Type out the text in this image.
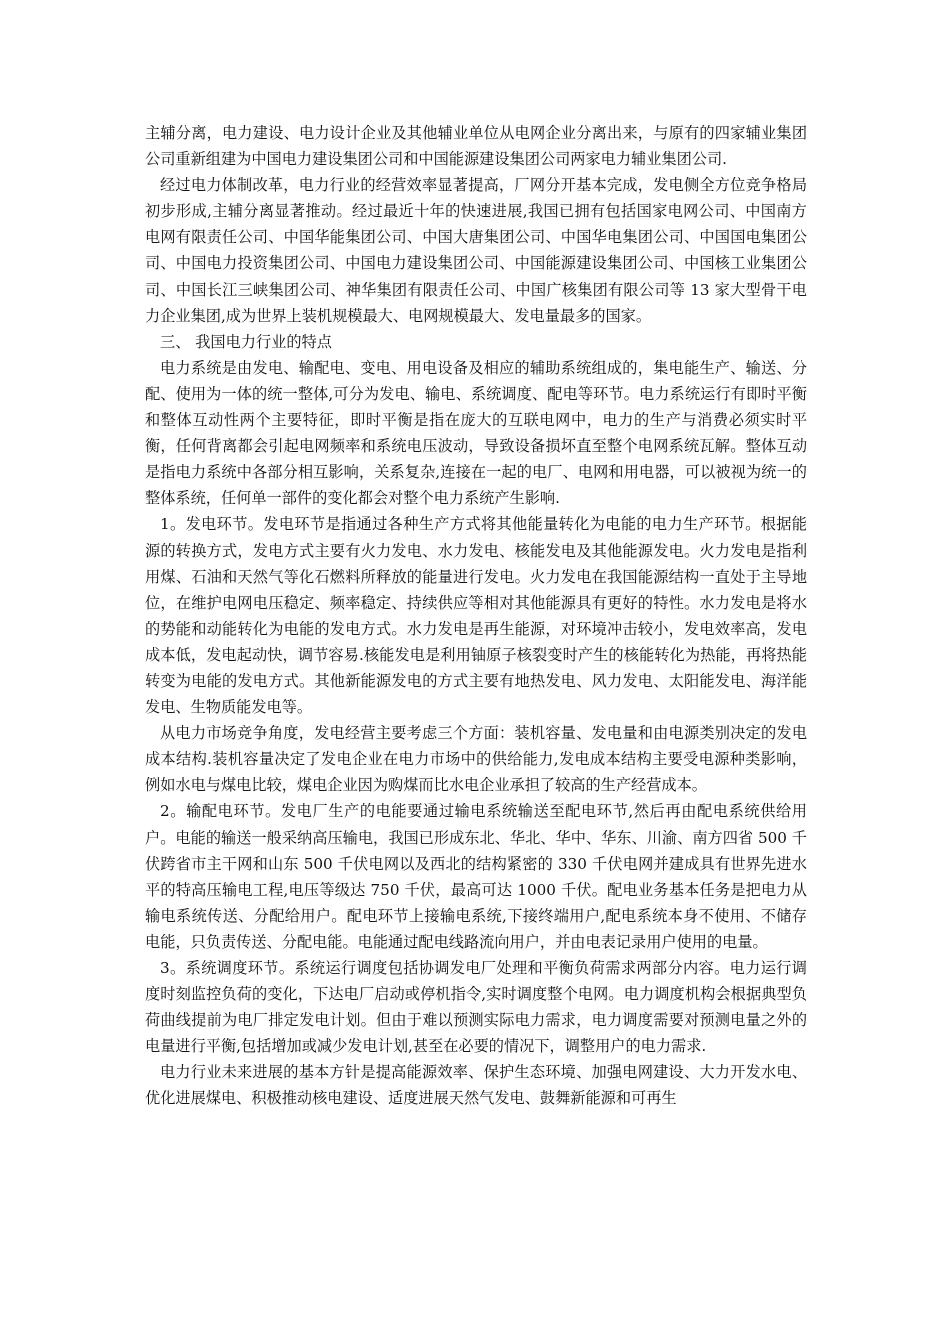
主辅分离，电力建设、电力设计企业及其他辅业单位从电网企业分离出来，与原有的四家辅业集团公司重新组建为中国电力建设集团公司和中国能源建设集团公司两家电力辅业集团公司.

经过电力体制改革，电力行业的经营效率显著提高，厂网分开基本完成，发电侧全方位竞争格局初步形成,主辅分离显著推动。经过最近十年的快速进展,我国已拥有包括国家电网公司、中国南方电网有限责任公司、中国华能集团公司、中国大唐集团公司、中国华电集团公司、中国国电集团公司、中国电力投资集团公司、中国电力建设集团公司、中国能源建设集团公司、中国核工业集团公司、中国长江三峡集团公司、神华集团有限责任公司、中国广核集团有限公司等 13 家大型骨干电力企业集团,成为世界上装机规模最大、电网规模最大、发电量最多的国家。

三、 我国电力行业的特点

电力系统是由发电、输配电、变电、用电设备及相应的辅助系统组成的，集电能生产、输送、分配、使用为一体的统一整体,可分为发电、输电、系统调度、配电等环节。电力系统运行有即时平衡和整体互动性两个主要特征，即时平衡是指在庞大的互联电网中，电力的生产与消费必须实时平衡，任何背离都会引起电网频率和系统电压波动，导致设备损坏直至整个电网系统瓦解。整体互动是指电力系统中各部分相互影响，关系复杂,连接在一起的电厂、电网和用电器，可以被视为统一的整体系统，任何单一部件的变化都会对整个电力系统产生影响.

1。发电环节。发电环节是指通过各种生产方式将其他能量转化为电能的电力生产环节。根据能源的转换方式，发电方式主要有火力发电、水力发电、核能发电及其他能源发电。火力发电是指利用煤、石油和天然气等化石燃料所释放的能量进行发电。火力发电在我国能源结构一直处于主导地位，在维护电网电压稳定、频率稳定、持续供应等相对其他能源具有更好的特性。水力发电是将水的势能和动能转化为电能的发电方式。水力发电是再生能源，对环境冲击较小，发电效率高，发电成本低，发电起动快，调节容易.核能发电是利用铀原子核裂变时产生的核能转化为热能，再将热能转变为电能的发电方式。其他新能源发电的方式主要有地热发电、风力发电、太阳能发电、海洋能发电、生物质能发电等。

从电力市场竞争角度，发电经营主要考虑三个方面：装机容量、发电量和由电源类别决定的发电成本结构.装机容量决定了发电企业在电力市场中的供给能力,发电成本结构主要受电源种类影响，例如水电与煤电比较，煤电企业因为购煤而比水电企业承担了较高的生产经营成本。

2。输配电环节。发电厂生产的电能要通过输电系统输送至配电环节,然后再由配电系统供给用户。电能的输送一般采纳高压输电，我国已形成东北、华北、华中、华东、川渝、南方四省 500 千伏跨省市主干网和山东 500 千伏电网以及西北的结构紧密的 330 千伏电网并建成具有世界先进水平的特高压输电工程,电压等级达 750 千伏，最高可达 1000 千伏。配电业务基本任务是把电力从输电系统传送、分配给用户。配电环节上接输电系统,下接终端用户,配电系统本身不使用、不储存电能，只负责传送、分配电能。电能通过配电线路流向用户，并由电表记录用户使用的电量。

3。系统调度环节。系统运行调度包括协调发电厂处理和平衡负荷需求两部分内容。电力运行调度时刻监控负荷的变化，下达电厂启动或停机指令,实时调度整个电网。电力调度机构会根据典型负荷曲线提前为电厂排定发电计划。但由于难以预测实际电力需求，电力调度需要对预测电量之外的电量进行平衡,包括增加或减少发电计划,甚至在必要的情况下，调整用户的电力需求.

电力行业未来进展的基本方针是提高能源效率、保护生态环境、加强电网建设、大力开发水电、优化进展煤电、积极推动核电建设、适度进展天然气发电、鼓舞新能源和可再生
